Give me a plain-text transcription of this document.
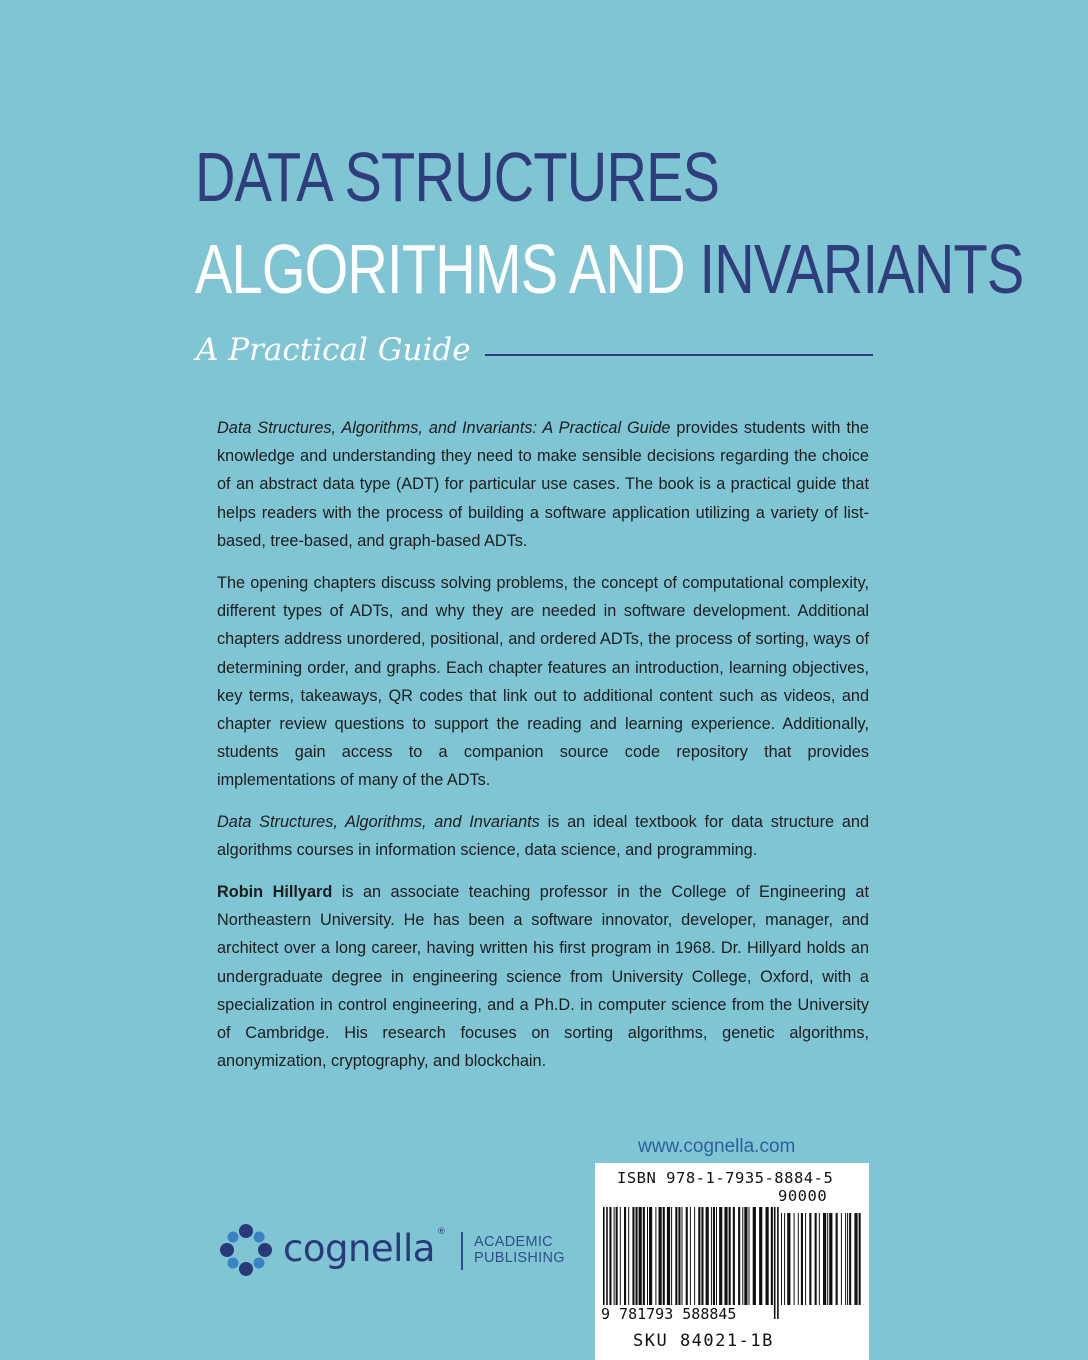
DATA STRUCTURES
ALGORITHMS AND INVARIANTS

A Practical Guide

Data Structures, Algorithms, and Invariants: A Practical Guide provides students with the knowledge and understanding they need to make sensible decisions regarding the choice of an abstract data type (ADT) for particular use cases. The book is a practical guide that helps readers with the process of building a software application utilizing a variety of list-based, tree-based, and graph-based ADTs.

The opening chapters discuss solving problems, the concept of computational complexity, different types of ADTs, and why they are needed in software development. Additional chapters address unordered, positional, and ordered ADTs, the process of sorting, ways of determining order, and graphs. Each chapter features an introduction, learning objectives, key terms, takeaways, QR codes that link out to additional content such as videos, and chapter review questions to support the reading and learning experience. Additionally, students gain access to a companion source code repository that provides implementations of many of the ADTs.

Data Structures, Algorithms, and Invariants is an ideal textbook for data structure and algorithms courses in information science, data science, and programming.

Robin Hillyard is an associate teaching professor in the College of Engineering at Northeastern University. He has been a software innovator, developer, manager, and architect over a long career, having written his first program in 1968. Dr. Hillyard holds an undergraduate degree in engineering science from University College, Oxford, with a specialization in control engineering, and a Ph.D. in computer science from the University of Cambridge. His research focuses on sorting algorithms, genetic algorithms, anonymization, cryptography, and blockchain.

www.cognella.com

ISBN 978-1-7935-8884-5

90000

9 781793 588845

SKU 84021-1B

cognella ®

ACADEMIC

PUBLISHING
